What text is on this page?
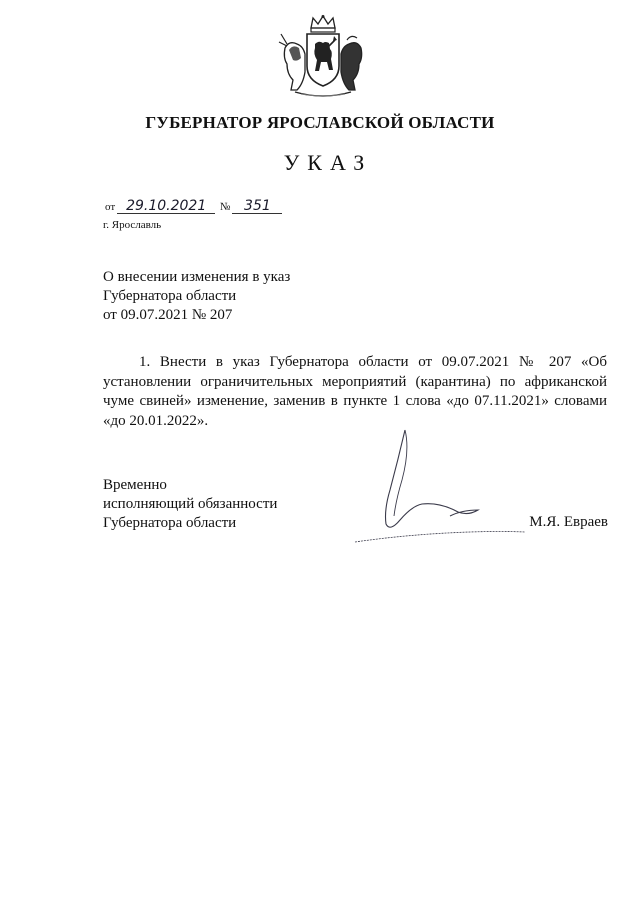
ГУБЕРНАТОР ЯРОСЛАВСКОЙ ОБЛАСТИ
УКАЗ
от 29.10.2021 № 351
г. Ярославль
О внесении изменения в указ
Губернатора области
от 09.07.2021 № 207
1. Внести в указ Губернатора области от 09.07.2021 № 207 «Об установлении ограничительных мероприятий (карантина) по африканской чуме свиней» изменение, заменив в пункте 1 слова «до 07.11.2021» словами «до 20.01.2022».
Временно
исполняющий обязанности
Губернатора области	М.Я. Евраев
